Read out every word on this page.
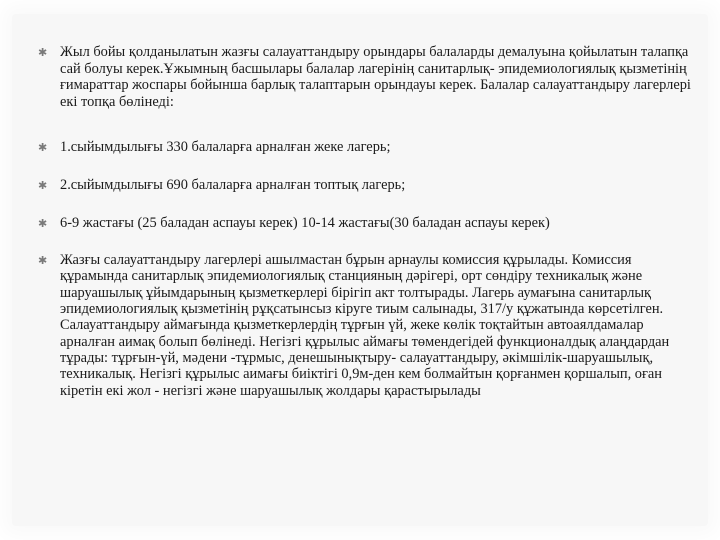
✱ Жыл бойы қолданылатын жазғы салауаттандыру орындары балаларды демалуына қойылатын талапқа сай болуы керек.Ұжымның басшылары балалар лагерінің санитарлық- эпидемиологиялық қызметінің ғимараттар жоспары бойынша барлық талаптарын орындауы керек. Балалар салауаттандыру лагерлері екі топқа бөлінеді:
✱ 1.сыйымдылығы 330 балаларға арналған жеке лагерь;
✱ 2.сыйымдылығы 690 балаларға арналған топтық лагерь;
✱ 6-9 жастағы (25 баладан аспауы керек) 10-14 жастағы(30 баладан аспауы керек)
✱ Жазғы салауаттандыру лагерлері ашылмастан бұрын арнаулы комиссия құрылады. Комиссия құрамында санитарлық эпидемиологиялық станцияның дәрігері, орт сөндіру техникалық және шаруашылық ұйымдарының қызметкерлері бірігіп акт толтырады. Лагерь аумағына санитарлық эпидемиологиялық қызметінің рұқсатынсыз кіруге тиым салынады, 317/у құжатында көрсетілген. Салауаттандыру аймағында қызметкерлердің тұрғын үй, жеке көлік тоқтайтын автоаялдамалар арналған аимақ болып бөлінеді. Негізгі құрылыс аймағы төмендегідей функционалдық алаңдардан тұрады: тұрғын-үй, мәдени -тұрмыс, денешынықтыру- салауаттандыру, әкімшілік-шаруашылық, техникалық. Негізгі құрылыс аимағы биіктігі 0,9м-ден кем болмайтын қорғанмен қоршалып, оған кіретін екі жол - негізгі және шаруашылық жолдары қарастырылады
